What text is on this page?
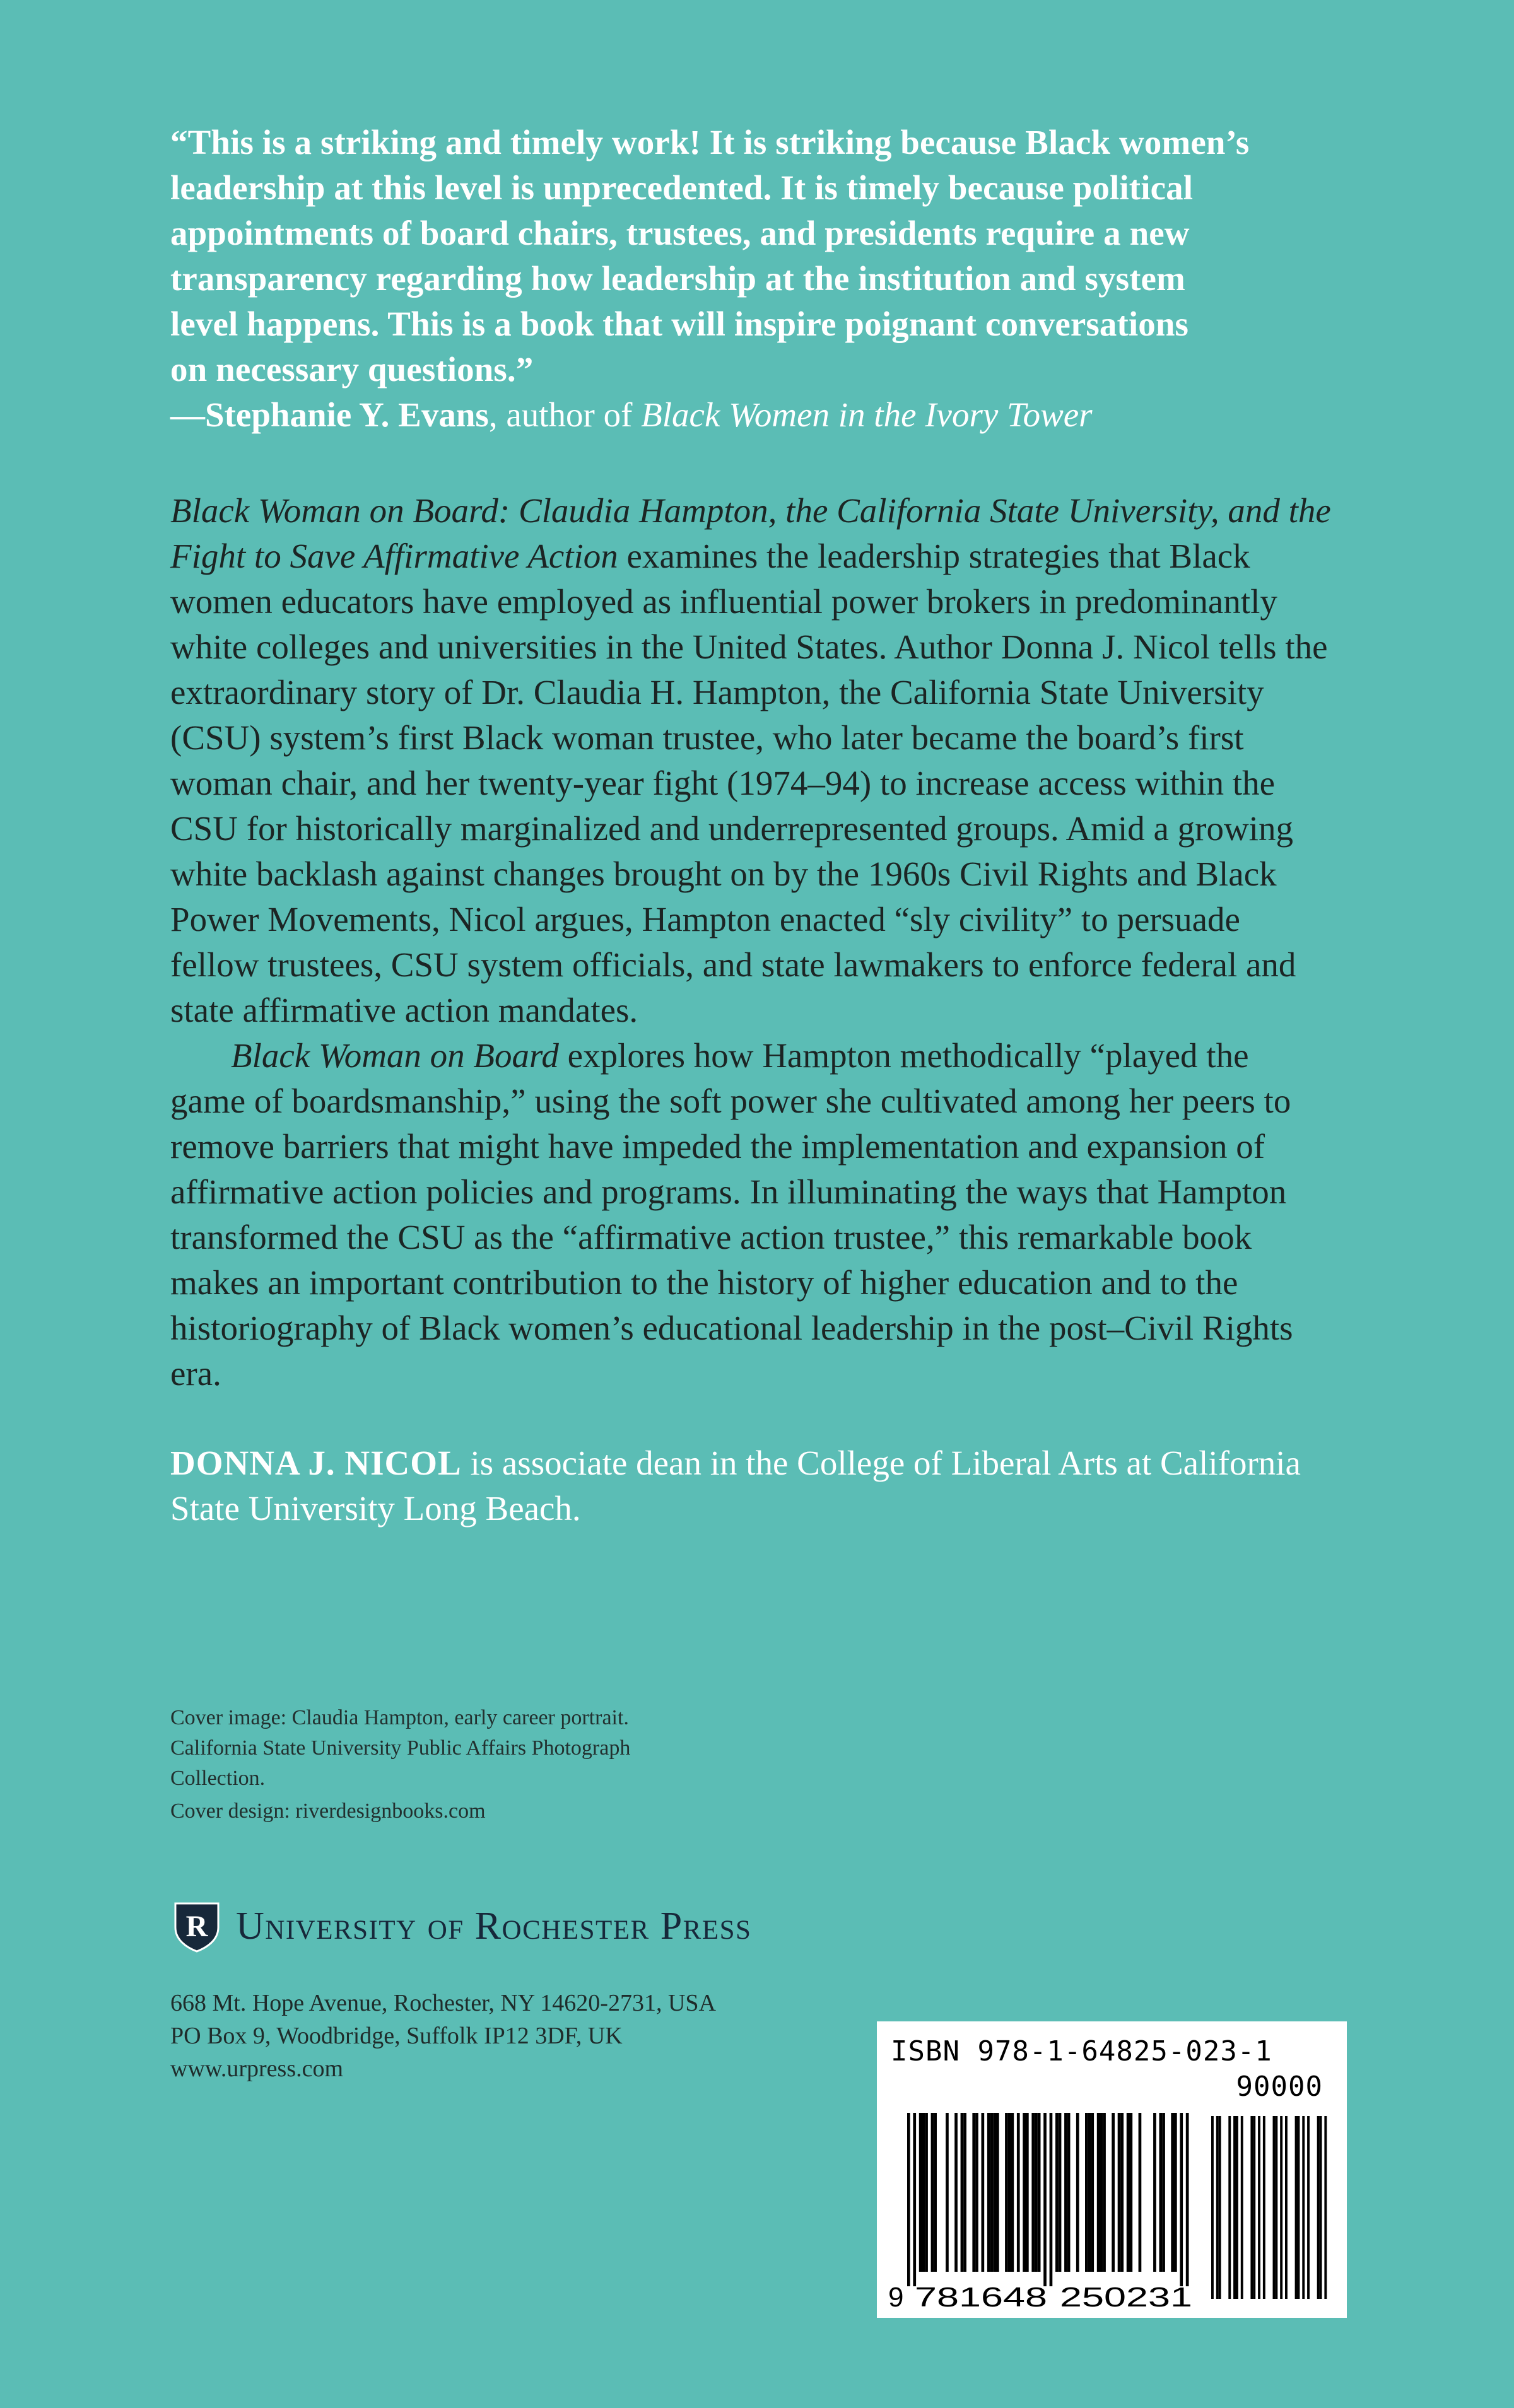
“This is a striking and timely work! It is striking because Black women’s

leadership at this level is unprecedented. It is timely because political

appointments of board chairs, trustees, and presidents require a new

transparency regarding how leadership at the institution and system

level happens. This is a book that will inspire poignant conversations

on necessary questions.”

—Stephanie Y. Evans, author of Black Women in the Ivory Tower

Black Woman on Board: Claudia Hampton, the California State University, and the Fight to Save Affirmative Action examines the leadership strategies that Black women educators have employed as influential power brokers in predominantly white colleges and universities in the United States. Author Donna J. Nicol tells the extraordinary story of Dr. Claudia H. Hampton, the California State University (CSU) system’s first Black woman trustee, who later became the board’s first woman chair, and her twenty-year fight (1974–94) to increase access within the CSU for historically marginalized and underrepresented groups. Amid a growing white backlash against changes brought on by the 1960s Civil Rights and Black Power Movements, Nicol argues, Hampton enacted “sly civility” to persuade fellow trustees, CSU system officials, and state lawmakers to enforce federal and state affirmative action mandates.

Black Woman on Board explores how Hampton methodically “played the game of boardsmanship,” using the soft power she cultivated among her peers to remove barriers that might have impeded the implementation and expansion of affirmative action policies and programs. In illuminating the ways that Hampton transformed the CSU as the “affirmative action trustee,” this remarkable book makes an important contribution to the history of higher education and to the historiography of Black women’s educational leadership in the post–Civil Rights era.

DONNA J. NICOL is associate dean in the College of Liberal Arts at California State University Long Beach.

Cover image: Claudia Hampton, early career portrait. California State University Public Affairs Photograph Collection.

Cover design: riverdesignbooks.com

R University of Rochester Press

668 Mt. Hope Avenue, Rochester, NY 14620-2731, USA

PO Box 9, Woodbridge, Suffolk IP12 3DF, UK

www.urpress.com

ISBN 978-1-64825-023-1
90000
9 781648 250231
